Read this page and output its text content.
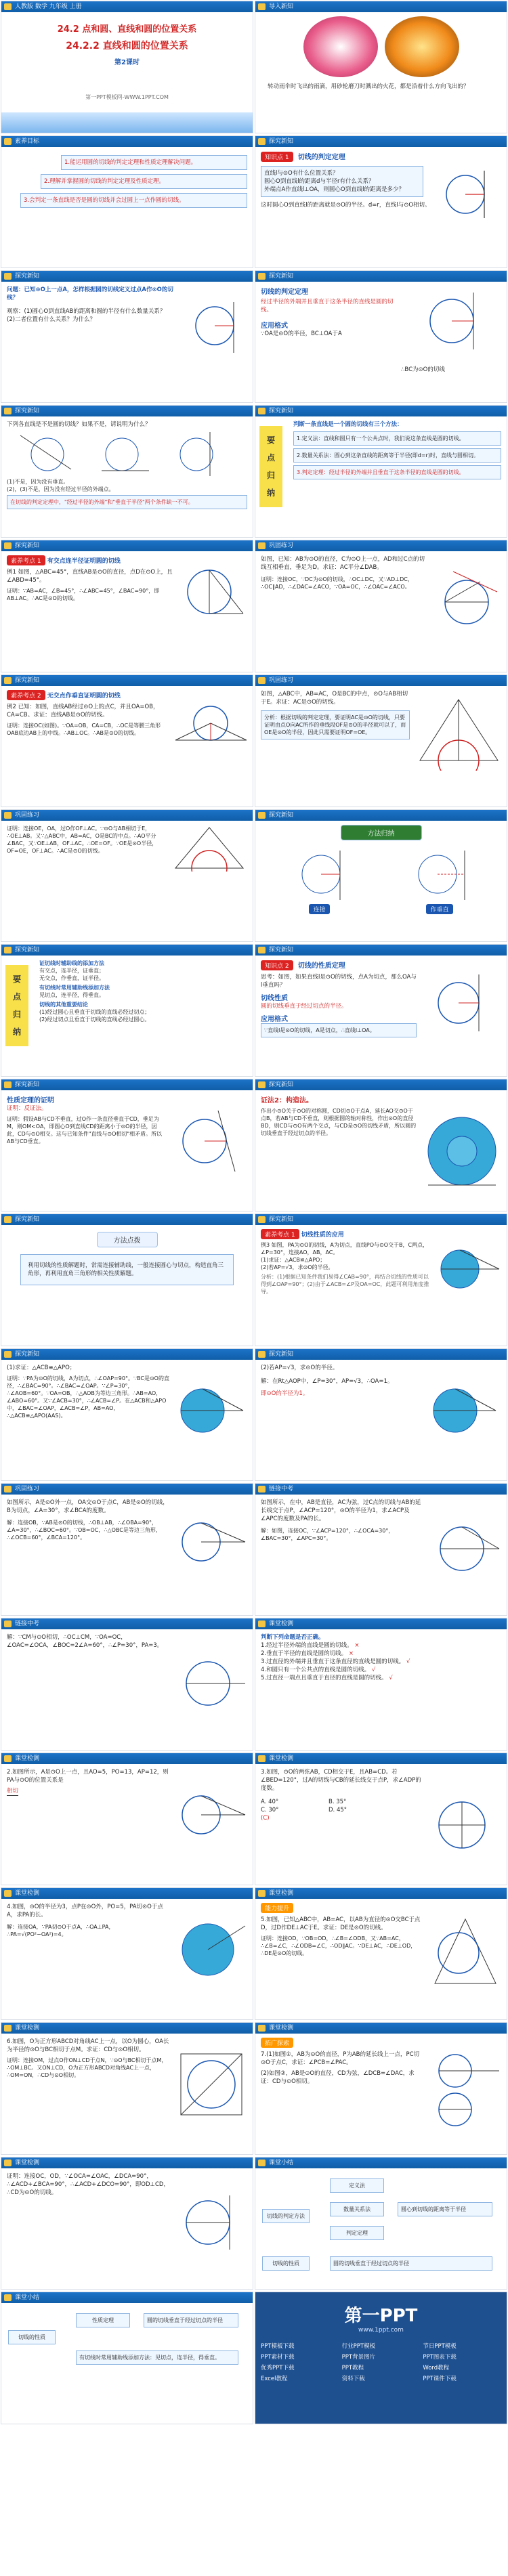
人教版 数学 九年级 上册
24.2 点和圆、直线和圆的位置关系
24.2.2 直线和圆的位置关系
第2课时
第一PPT模板网-WWW.1PPT.COM
导入新知
转动雨伞时飞出的雨滴，用砂轮磨刀时溅出的火花，都是沿着什么方向飞出的？
素养目标
1.能运用圆的切线的判定定理和性质定理解决问题。
2.理解并掌握圆的切线的判定定理及性质定理。
3.会判定一条直线是否是圆的切线并会过圆上一点作圆的切线。
探究新知
知识点 1 切线的判定定理
直线l与⊙O有什么位置关系？
圆心O到直线l的距离d与半径r有什么关系？
外端点A作直线l⊥OA，则圆心O到直线l的距离是多少？
这时圆心O到直线l的距离就是⊙O的半径。d=r，直线l与⊙O相切。
探究新知
问题：已知⊙O上一点A，怎样根据圆的切线定义过点A作⊙O的切线？
观察：(1)圆心O到直线AB的距离和圆的半径有什么数量关系？
(2)二者位置有什么关系？为什么？
探究新知
切线的判定定理
经过半径的外端并且垂直于这条半径的直线是圆的切线。
应用格式
∵OA是⊙O的半径，BC⊥OA于A
∴BC为⊙O的切线
探究新知
下列各直线是不是圆的切线？如果不是，请说明为什么？
(1)不是，因为没有垂直。
(2)，(3)不是，因为没有经过半径的外端点。
在切线的判定定理中，"经过半径的外端"和"垂直于半径"两个条件缺一不可。
探究新知
要
点
归
纳
判断一条直线是一个圆的切线有三个方法：
1.定义法：直线和圆只有一个公共点时，我们说这条直线是圆的切线。
2.数量关系法：圆心到这条直线的距离等于半径(即d=r)时，直线与圆相切。
3.判定定理：经过半径的外端并且垂直于这条半径的直线是圆的切线。
探究新知
素养考点 1 有交点连半径证明圆的切线
例1 如图，△ABC=45°，直线AB是⊙O的直径，点D在⊙O上，且∠ABD=45°。
证明：∵AB=AC，∠B=45°，∴∠ABC=45°，∠BAC=90°，即AB⊥AC。∴AC是⊙O的切线。
巩固练习
如图，已知：AB为⊙O的直径，C为⊙O上一点，AD和过C点的切线互相垂直，垂足为D。求证：AC平分∠DAB。
证明：连接OC，∵DC为⊙O的切线，∴OC⊥DC，又∵AD⊥DC，∴OC∥AD，∴∠DAC=∠ACO，∵OA=OC，∴∠OAC=∠ACO。
探究新知
素养考点 2 无交点作垂直证明圆的切线
例2 已知：如图，直线AB经过⊙O上的点C，并且OA=OB，CA=CB。求证：直线AB是⊙O的切线。
证明：连接OC(如图)。∵OA=OB，CA=CB，∴OC是等腰三角形OAB底边AB上的中线。∴AB⊥OC。∴AB是⊙O的切线。
巩固练习
如图，△ABC中，AB=AC，O是BC的中点，⊙O与AB相切于E。求证：AC是⊙O的切线。
分析：根据切线的判定定理，要证明AC是⊙O的切线，只要证明由点O向AC所作的垂线段OF是⊙O的半径就可以了，而OE是⊙O的半径，因此只需要证明OF=OE。
巩固练习
证明：连接OE，OA，过O作OF⊥AC。∵⊙O与AB相切于E，∴OE⊥AB。又∵△ABC中，AB=AC，O是BC的中点。∴AO平分∠BAC，又∵OE⊥AB，OF⊥AC。∴OE=OF。∵OE是⊙O半径，OF=OE，OF⊥AC。∴AC是⊙O的切线。
探究新知
方法归纳
连接	作垂直
探究新知
要
点
归
纳
证切线时辅助线的添加方法
有交点，连半径，证垂直；
无交点，作垂直，证半径。
有切线时常用辅助线添加方法
见切点，连半径，得垂直。
切线的其他重要结论
(1)经过圆心且垂直于切线的直线必经过切点；
(2)经过切点且垂直于切线的直线必经过圆心。
探究新知
知识点 2 切线的性质定理
思考：如图，如果直线l是⊙O的切线，点A为切点，那么OA与l垂直吗？
切线性质
圆的切线垂直于经过切点的半径。
应用格式
∵直线l是⊙O的切线，A是切点，∴直线l⊥OA。
探究新知
性质定理的证明
证明：反证法。
证明：假设AB与CD不垂直，过O作一条直径垂直于CD，垂足为M，则OM<OA，即圆心O到直线CD的距离小于⊙O的半径，因此，CD与⊙O相交。这与已知条件"直线与⊙O相切"相矛盾。所以AB与CD垂直。
探究新知
证法2：构造法。
作出小⊙O关于⊙O的对称圆，CD切⊙O于点A，延长AO交⊙O于点B，若AB与CD不垂直，则根据圆的轴对称性，作出⊙O的直径BD，则CD与⊙O有两个交点，与CD是⊙O的切线矛盾，所以圆的切线垂直于经过切点的半径。
探究新知
方法点拨
利用切线的性质解题时，常需连接辅助线，一般连接圆心与切点，构造直角三角形，再利用直角三角形的相关性质解题。
探究新知
素养考点 1 切线性质的应用
例3 如图，PA为⊙O的切线，A为切点，直线PO与⊙O交于B，C两点，∠P=30°，连接AO，AB，AC。
(1)求证：△ACB≌△APO；
(2)若AP=√3，求⊙O的半径。
分析：(1)根据已知条件我们易得∠CAB=90°，再结合切线的性质可以得到∠OAP=90°；(2)由于∠ACB=∠P及OA=OC，此题可利用角度推导。
探究新知
(1)求证：△ACB≌△APO；
证明：∵PA为⊙O的切线，A为切点，∴∠OAP=90°。∵BC是⊙O的直径，∴∠BAC=90°。∴∠BAC=∠OAP。∵∠P=30°，∴∠AOB=60°。∵OA=OB，∴△AOB为等边三角形。∴AB=AO，∠ABO=60°。又∵∠ACB=30°，∴∠ACB=∠P。在△ACB和△APO中，∠BAC=∠OAP，∠ACB=∠P，AB=AO，∴△ACB≌△APO(AAS)。
探究新知
(2)若AP=√3，求⊙O的半径。
解：在Rt△AOP中，∠P=30°，AP=√3，∴OA=1。
即⊙O的半径为1。
巩固练习
如图所示，A是⊙O外一点，OA交⊙O于点C，AB是⊙O的切线，B为切点，∠A=30°，求∠BCA的度数。
解：连接OB，∵AB是⊙O的切线，∴OB⊥AB，∴∠OBA=90°，∠A=30°，∴∠BOC=60°。∵OB=OC，∴△OBC是等边三角形，∴∠OCB=60°，∠BCA=120°。
链接中考
如图所示，在中，AB是直径，AC为弦，过C点的切线与AB的延长线交于点P，∠ACP=120°，⊙O的半径为1，求∠ACP及∠APC的度数及PA的长。
解：如图，连接OC，∵∠ACP=120°，∴∠OCA=30°，∠BAC=30°，∠APC=30°。
链接中考
解：∵CM与⊙O相切，∴OC⊥CM，∵OA=OC，∠OAC=∠OCA，∠BOC=2∠A=60°，∴∠P=30°，PA=3。
课堂检测
判断下列命题是否正确。
1.经过半径外端的直线是圆的切线。 ×
2.垂直于半径的直线是圆的切线。 ×
3.过直径的外端并且垂直于这条直径的直线是圆的切线。 √
4.和圆只有一个公共点的直线是圆的切线。 √
5.过直径一端点且垂直于直径的直线是圆的切线。 √
课堂检测
2.如图所示，A是⊙O上一点，且AO=5，PO=13，AP=12，则PA与⊙O的位置关系是
相切
课堂检测
3.如图，⊙O的两弦AB，CD相交于E，且AB=CD。若∠BED=120°，过A的切线与CB的延长线交于点P，求∠ADP的度数。
A. 40°	B. 35°
C. 30°	D. 45°
(C)
课堂检测
4.如图，⊙O的半径为3，点P在⊙O外，PO=5，PA切⊙O于点A，求PA的长。
解：连接OA，∵PA切⊙O于点A，∴OA⊥PA，∴PA=√(PO²−OA²)=4。
课堂检测
能力提升
5.如图，已知△ABC中，AB=AC，以AB为直径的⊙O交BC于点D，过D作DE⊥AC于E。求证：DE是⊙O的切线。
证明：连接OD，∵OB=OD，∴∠B=∠ODB，又∵AB=AC，∴∠B=∠C，∴∠ODB=∠C，∴OD∥AC。∵DE⊥AC，∴DE⊥OD，∴DE是⊙O的切线。
课堂检测
6.如图，O为正方形ABCD对角线AC上一点，以O为圆心，OA长为半径的⊙O与BC相切于点M。求证：CD与⊙O相切。
证明：连接OM，过点O作ON⊥CD于点N，∵⊙O与BC相切于点M，∴OM⊥BC。又ON⊥CD，O为正方形ABCD对角线AC上一点，∴OM=ON，∴CD与⊙O相切。
课堂检测
拓广探索
7.(1)如图①，AB为⊙O的直径，P为AB的延长线上一点，PC切⊙O于点C，求证：∠PCB=∠PAC。
(2)如图②，AB是⊙O的直径，CD为弦，∠DCB=∠DAC，求证：CD与⊙O相切。
课堂检测
证明：连接OC，OD，∵∠OCA=∠OAC，∠DCA=90°，∴∠ACD+∠BCA=90°，∴∠ACD+∠DCO=90°，即OD⊥CD，∴CD为⊙O的切线。
课堂小结
切线的判定方法
定义法
数量关系法
判定定理
切线的性质
圆心到切线的距离等于半径
圆的切线垂直于经过切点的半径
课堂小结
切线的性质
性质定理	圆的切线垂直于经过切点的半径
有切线时常用辅助线添加方法：见切点，连半径，得垂直。
第一PPT
www.1ppt.com
PPT模板下载	行业PPT模板	节日PPT模板
PPT素材下载	PPT背景图片	PPT图表下载
优秀PPT下载	PPT教程	Word教程
Excel教程	资料下载	PPT课件下载
